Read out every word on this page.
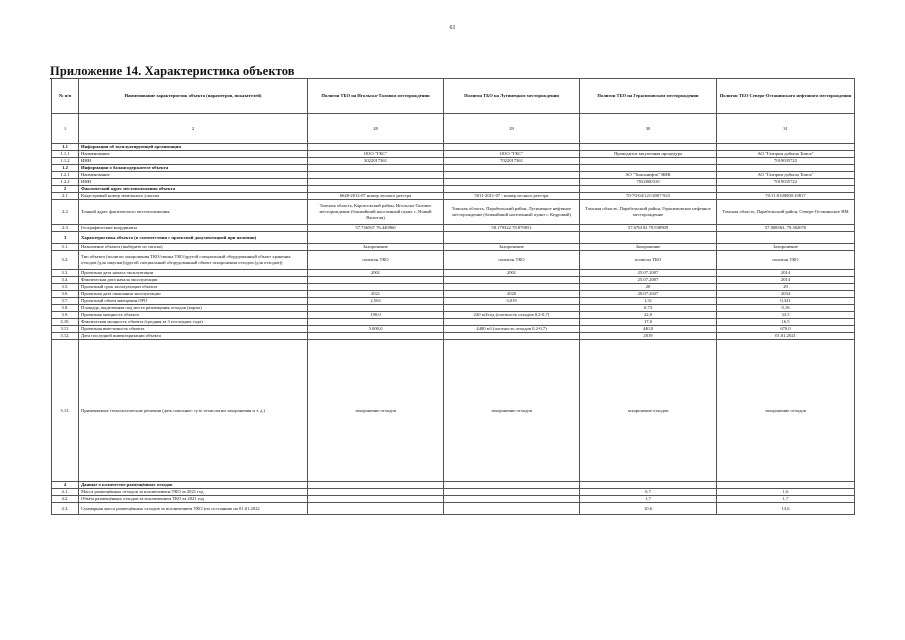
61
Приложение 14. Характеристика объектов
№ п/п	Наименование характеристик объекта (параметров, показателей)	Полигон ТБО на Игольско-Таловом месторождении	Полигон ТБО на Лугинецком месторождении	Полигон ТБО на Герасимовском месторождении	Полигон ТБО Северо-Останинского нефтяного месторождения
1	2	28	29	30	31
1.1	Информация об эксплуатирующей организации				
1.1.1	Наименование	ООО "ГКС"	ООО "ГКС"	Проводится закупочная процедура	АО "Газпром добыча Томск"
1.1.2	ИНН	3022017361	7022017361		7019035722
1.2	Информация о балансодержателе объекта				
1.2.1	Наименование			АО "Томскнефть" ВНК	АО "Газпром добыча Томск"
1.2.2	ИНН			7022000310	7019035722
2	Фактический адрес местоположения объекта				
2.1	Кадастровый номер земельного участка	6648-2012-07 номер лесного реестра	5011-2011-07 - номер лесного реестра	70-70-04/121/2007-923	70:11:0100000:10817
2.2	Точный адрес фактического местоположения	Томская область, Каргасокский район, Игольско-Таловое месторождение (ближайший населенный пункт с. Новый Васюган)	Томская область, Парабельский район, Лугинецкое нефтяное месторождение (ближайший населенный пункт г. Кедровый)	Томская область, Парабельский район, Герасимовское нефтяное месторождение	Томская область, Парабельский район, Северо-Останинское НМ
2.3	Географические координаты	57.736567 76.440960	58.179322 78.879051	57.676192 79.938909	57.008563, 79.302076
3	Характеристика объекта (в соответствии с проектной документацией при наличии)				
3.1.	Назначение объекта (выберите из списка)	Захоронение	Захоронение	Захоронение	Захоронение
3.2.	Тип объекта (полигон захоронения ТКО/свалка ТКО/другой специальный оборудованный объект хранения отходов (для закупки)/другой специальный оборудованный объект захоронения отходов (для отходов))	полигон ТКО	полигон ТКО	полигон ТКО	полигон ТКО
3.3.	Проектная дата начала эксплуатации	2001	2001	25.07.2007	2014
3.4.	Фактическая дата начала эксплуатации			25.07.2007	2014
3.5.	Проектный срок эксплуатации объекта			20	20
3.6.	Проектная дата окончания эксплуатации	2021	2020	20.07.2027	2034
3.7.	Проектный объем вмещения ОРО	2,563	3,019	1,31	0,321
3.8.	Площадь, выделенная под места размещения отходов (карты)			0,73	0,18
3.9.	Проектная мощность объекта	190,0	220 м3/год (плотность отходов 0,2-0,7)	22,0	33,5
3.10.	Фактическая мощность объекта (средняя за 3 последних года)			17,0	16,5
3.11.	Проектная вместимость объекта	3 000,0	4400 м3 (плотность отходов 0,2-0,7)	440,0	670,0
3.12.	Дата последней инвентаризации объекта			2019	01.01.2021
3.13.	Применяемые технологические решения (дать описание: суть технологии захоронения и т. д.)	захоронение отходов	захоронение отходов	захоронение отходов	захоронение отходов
4	Данные о количестве размещённых отходов				
4.1.	Масса размещённых отходов за исключением ТКО за 2021 год			0,7	1,6
4.2.	Объём размещённых отходов за исключением ТКО за 2021 год			1,7	1,7
4.3.	Суммарная масса размещённых отходов за исключением ТКО (по состоянию на 01.01.2022			10,6	13,6
